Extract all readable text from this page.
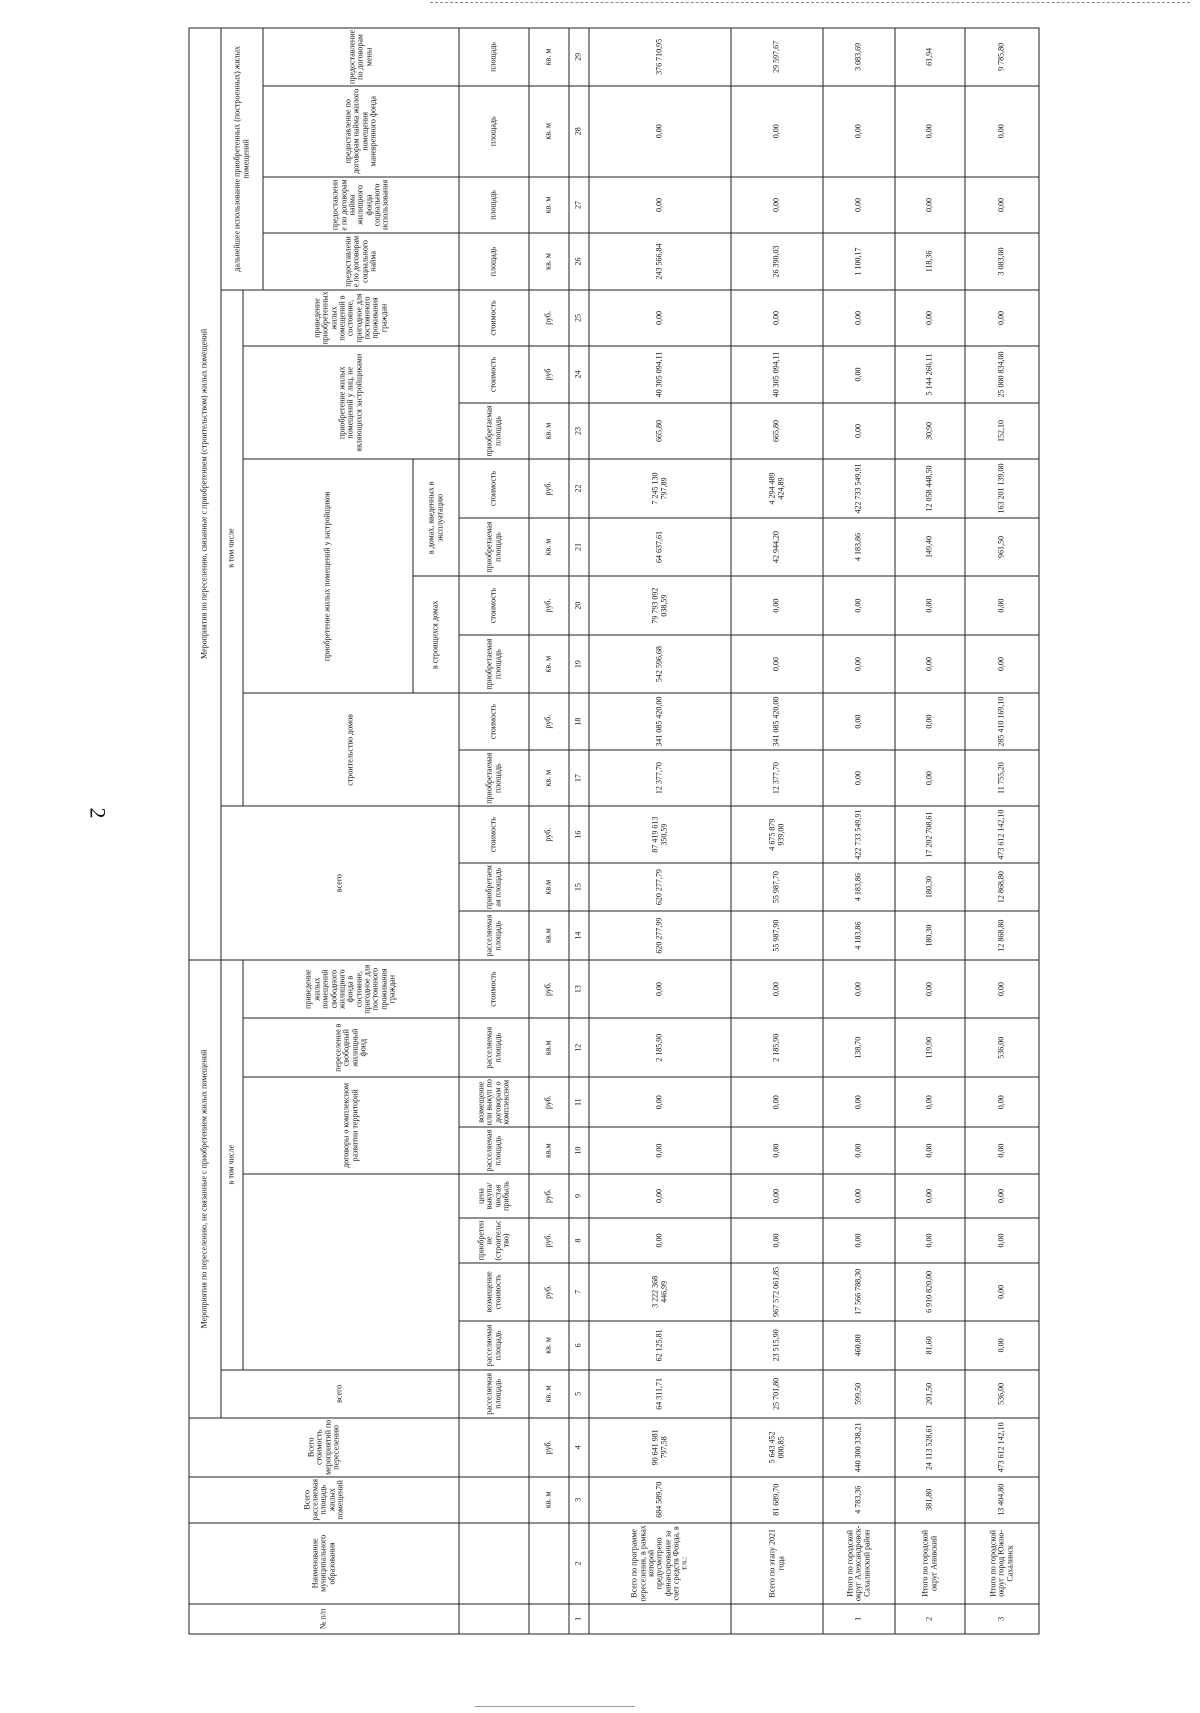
2
№ п/п	Наименование муниципального образования	Всего расселяемая площадь жилых помещений	Всего стоимость мероприятий по переселению	Мероприятия по переселению, не связанные с приобретением жилых помещений									Мероприятия по переселению, связанные с приобретением (строительством) жилых помещений															
				всего	в том числе								всего			в том числе									дальнейшее использование приобретенных (построенных) жилых помещений			
									договоры о комплексном развитии территорий		переселение в свободный жилищный фонд	приведение жилых помещений свободного жилищного фонда в состояние, пригодное для постоянного проживания граждан				строительство домов		приобретение жилых помещений у застройщиков				приобретение жилых помещений у лиц, не являющихся застройщиками		приведение приобретенных жилых помещений в состояние, пригодное для постоянного проживания граждан				
																									предоставление по договорам социального найма	предоставление по договорам найма жилищного фонда социального использования	предоставление по договорам найма жилого помещения маневренного фонда	предоставление по договорам мены
																		в строящихся домах		в домах, введенных в эксплуатацию								
				расселяемая площадь	расселяемая площадь	возмещение стоимость	приобретение (строительство)	цена выкупа/ чистая прибыль	расселяемая площадь	возмещение или выкуп по договорам о комплексном	расселяемая площадь	стоимость	расселяемая площадь	приобретаемая площадь	стоимость	приобретаемая площадь	стоимость	приобретаемая площадь	стоимость	приобретаемая площадь	стоимость	приобретаемая площадь	стоимость	стоимость	площадь	площадь	площадь	площадь
		кв. м	руб.	кв. м	кв. м	руб.	руб.	руб.	кв.м	руб.	кв.м	руб.	кв.м	кв.м	руб.	кв. м	руб.	кв. м	руб.	кв. м	руб.	кв. м	руб	руб.	кв. м	кв. м	кв. м	кв. м
1	2	3	4	5	6	7	8	9	10	11	12	13	14	15	16	17	18	19	20	21	22	23	24	25	26	27	28	29
	Всего по программе переселения, в рамках которой предусмотрено финансирование за счет средств Фонда, в т.ч.:	684 589,70	90 641 981 797,58	64 311,71	62 125,81	3 222 368 446,99	0,00	0,00	0,00	0,00	2 185,90	0,00	620 277,99	620 277,79	87 419 613 350,59	12 377,70	341 085 420,00	542 596,68	79 793 092 038,59	64 637,61	7 245 130 797,89	665,80	40 305 094,11	0,00	243 566,84	0,00	0,00	376 710,95
	Всего по этапу 2021 года	81 689,70	5 643 452 000,85	25 701,80	23 515,90	967 572 061,85	0,00	0,00	0,00	0,00	2 185,90	0,00	55 987,90	55 987,70	4 675 879 939,00	12 377,70	341 085 420,00	0,00	0,00	42 944,20	4 294 489 424,89	665,80	40 305 094,11	0,00	26 390,03	0,00	0,00	29 597,67
1	Итого по городской округ Александровск-Сахалинский район	4 783,36	440 300 338,21	599,50	460,80	17 566 788,30	0,00	0,00	0,00	0,00	138,70	0,00	4 183,86	4 183,86	422 733 549,91	0,00	0,00	0,00	0,00	4 183,86	422 733 549,91	0,00	0,00	0,00	1 100,17	0,00	0,00	3 083,69
2	Итого по городской округ Анивский	381,80	24 113 528,61	201,50	81,60	6 910 820,00	0,00	0,00	0,00	0,00	119,90	0,00	180,30	180,30	17 202 708,61	0,00	0,00	0,00	0,00	149,40	12 058 448,50	30,90	5 144 260,11	0,00	118,36	0,00	0,00	61,94
3	Итого по городской округ город Южно-Сахалинск	13 404,80	473 612 142,10	536,00	0,00	0,00	0,00	0,00	0,00	0,00	536,00	0,00	12 868,80	12 868,80	473 612 142,10	11 755,20	285 410 169,10	0,00	0,00	961,50	163 201 139,00	152,10	25 000 834,00	0,00	3 083,00	0,00	0,00	9 785,80
